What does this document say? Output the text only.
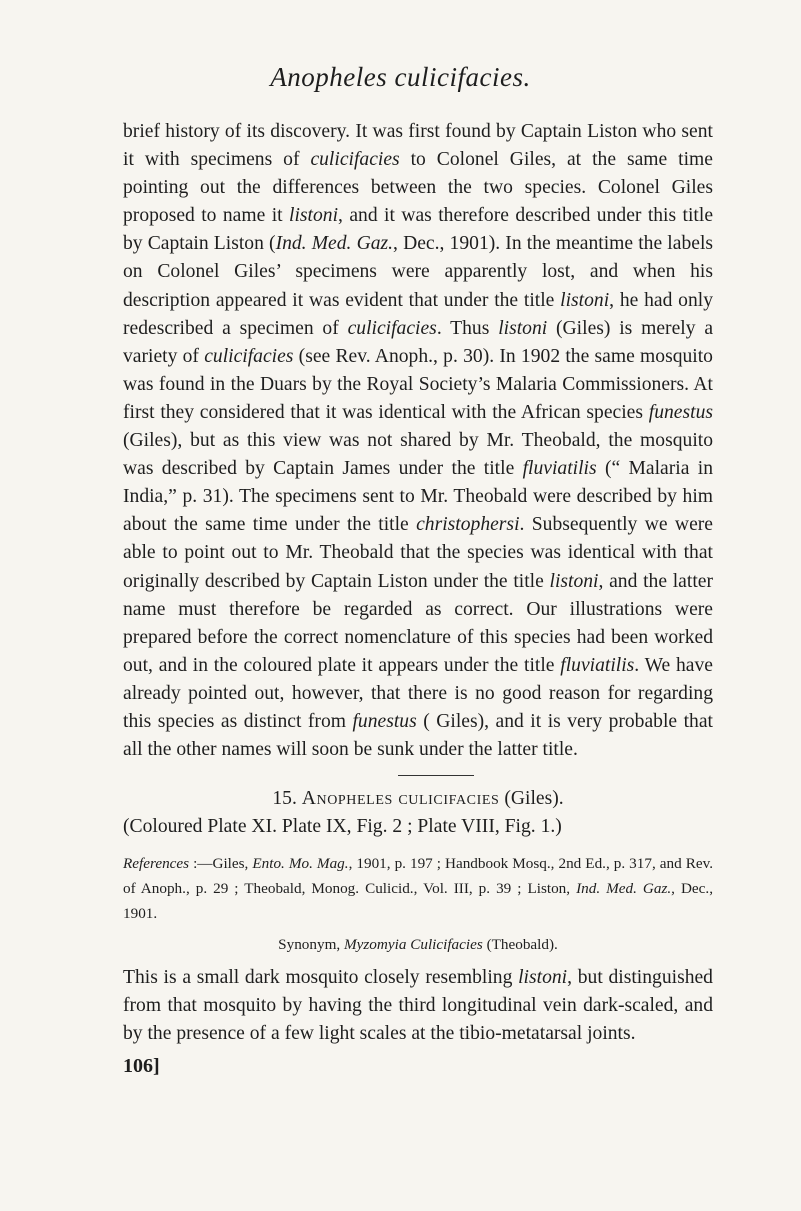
Anopheles culicifacies.

brief history of its discovery. It was first found by Captain Liston who sent it with specimens of culicifacies to Colonel Giles, at the same time pointing out the differences between the two species. Colonel Giles proposed to name it listoni, and it was therefore described under this title by Captain Liston (Ind. Med. Gaz., Dec., 1901). In the meantime the labels on Colonel Giles’ specimens were apparently lost, and when his description appeared it was evident that under the title listoni, he had only redescribed a specimen of culicifacies. Thus listoni (Giles) is merely a variety of culicifacies (see Rev. Anoph., p. 30). In 1902 the same mosquito was found in the Duars by the Royal Society’s Malaria Commissioners. At first they considered that it was identical with the African species funestus (Giles), but as this view was not shared by Mr. Theobald, the mosquito was described by Captain James under the title fluviatilis (“ Malaria in India,” p. 31). The specimens sent to Mr. Theobald were described by him about the same time under the title christophersi. Subsequently we were able to point out to Mr. Theobald that the species was identical with that originally described by Captain Liston under the title listoni, and the latter name must therefore be regarded as correct. Our illustrations were prepared before the correct nomenclature of this species had been worked out, and in the coloured plate it appears under the title fluviatilis. We have already pointed out, however, that there is no good reason for regarding this species as distinct from funestus ( Giles), and it is very probable that all the other names will soon be sunk under the latter title.

15. Anopheles culicifacies (Giles).

(Coloured Plate XI. Plate IX, Fig. 2 ; Plate VIII, Fig. 1.)

References :—Giles, Ento. Mo. Mag., 1901, p. 197 ; Handbook Mosq., 2nd Ed., p. 317, and Rev. of Anoph., p. 29 ; Theobald, Monog. Culicid., Vol. III, p. 39 ; Liston, Ind. Med. Gaz., Dec., 1901.

Synonym, Myzomyia Culicifacies (Theobald).

This is a small dark mosquito closely resembling listoni, but distinguished from that mosquito by having the third longitudinal vein dark-scaled, and by the presence of a few light scales at the tibio-metatarsal joints.

106]
